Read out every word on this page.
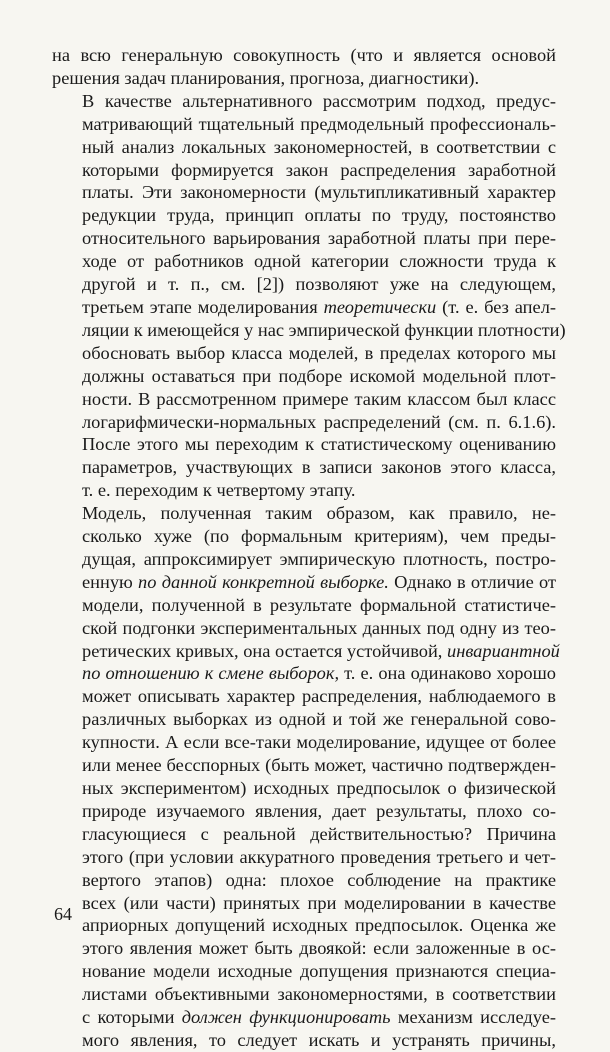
на всю генеральную совокупность (что и является основой
решения задач планирования, прогноза, диагностики).

В качестве альтернативного рассмотрим подход, предус-
матривающий тщательный предмодельный профессиональ-
ный анализ локальных закономерностей, в соответствии с
которыми формируется закон распределения заработной
платы. Эти закономерности (мультипликативный характер
редукции труда, принцип оплаты по труду, постоянство
относительного варьирования заработной платы при пере-
ходе от работников одной категории сложности труда к
другой и т. п., см. [2]) позволяют уже на следующем,
третьем этапе моделирования теоретически (т. е. без апел-
ляции к имеющейся у нас эмпирической функции плотности)
обосновать выбор класса моделей, в пределах которого мы
должны оставаться при подборе искомой модельной плот-
ности. В рассмотренном примере таким классом был класс
логарифмически-нормальных распределений (см. п. 6.1.6).
После этого мы переходим к статистическому оцениванию
параметров, участвующих в записи законов этого класса,
т. е. переходим к четвертому этапу.

Модель, полученная таким образом, как правило, не-
сколько хуже (по формальным критериям), чем преды-
дущая, аппроксимирует эмпирическую плотность, постро-
енную по данной конкретной выборке. Однако в отличие от
модели, полученной в результате формальной статистиче-
ской подгонки экспериментальных данных под одну из тео-
ретических кривых, она остается устойчивой, инвариантной
по отношению к смене выборок, т. е. она одинаково хорошо
может описывать характер распределения, наблюдаемого в
различных выборках из одной и той же генеральной сово-
купности. А если все-таки моделирование, идущее от более
или менее бесспорных (быть может, частично подтвержден-
ных экспериментом) исходных предпосылок о физической
природе изучаемого явления, дает результаты, плохо со-
гласующиеся с реальной действительностью? Причина
этого (при условии аккуратного проведения третьего и чет-
вертого этапов) одна: плохое соблюдение на практике
всех (или части) принятых при моделировании в качестве
априорных допущений исходных предпосылок. Оценка же
этого явления может быть двоякой: если заложенные в ос-
нование модели исходные допущения признаются специа-
листами объективными закономерностями, в соответствии
с которыми должен функционировать механизм исследуе-
мого явления, то следует искать и устранять причины,

64
